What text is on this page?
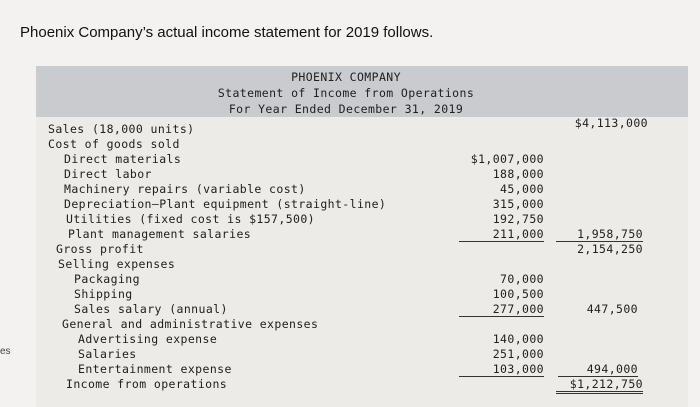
Phoenix Company’s actual income statement for 2019 follows.
es
PHOENIX COMPANY
Statement of Income from Operations
For Year Ended December 31, 2019
Sales (18,000 units)
Cost of goods sold
Direct materials
Direct labor
Machinery repairs (variable cost)
Depreciation—Plant equipment (straight-line)
Utilities (fixed cost is $157,500)
Plant management salaries
Gross profit
Selling expenses
Packaging
Shipping
Sales salary (annual)
General and administrative expenses
Advertising expense
Salaries
Entertainment expense
Income from operations
$1,007,000
188,000
45,000
315,000
192,750
211,000
70,000
100,500
277,000
140,000
251,000
103,000
1,958,750
2,154,250
$1,212,750
$4,113,000
447,500
494,000
